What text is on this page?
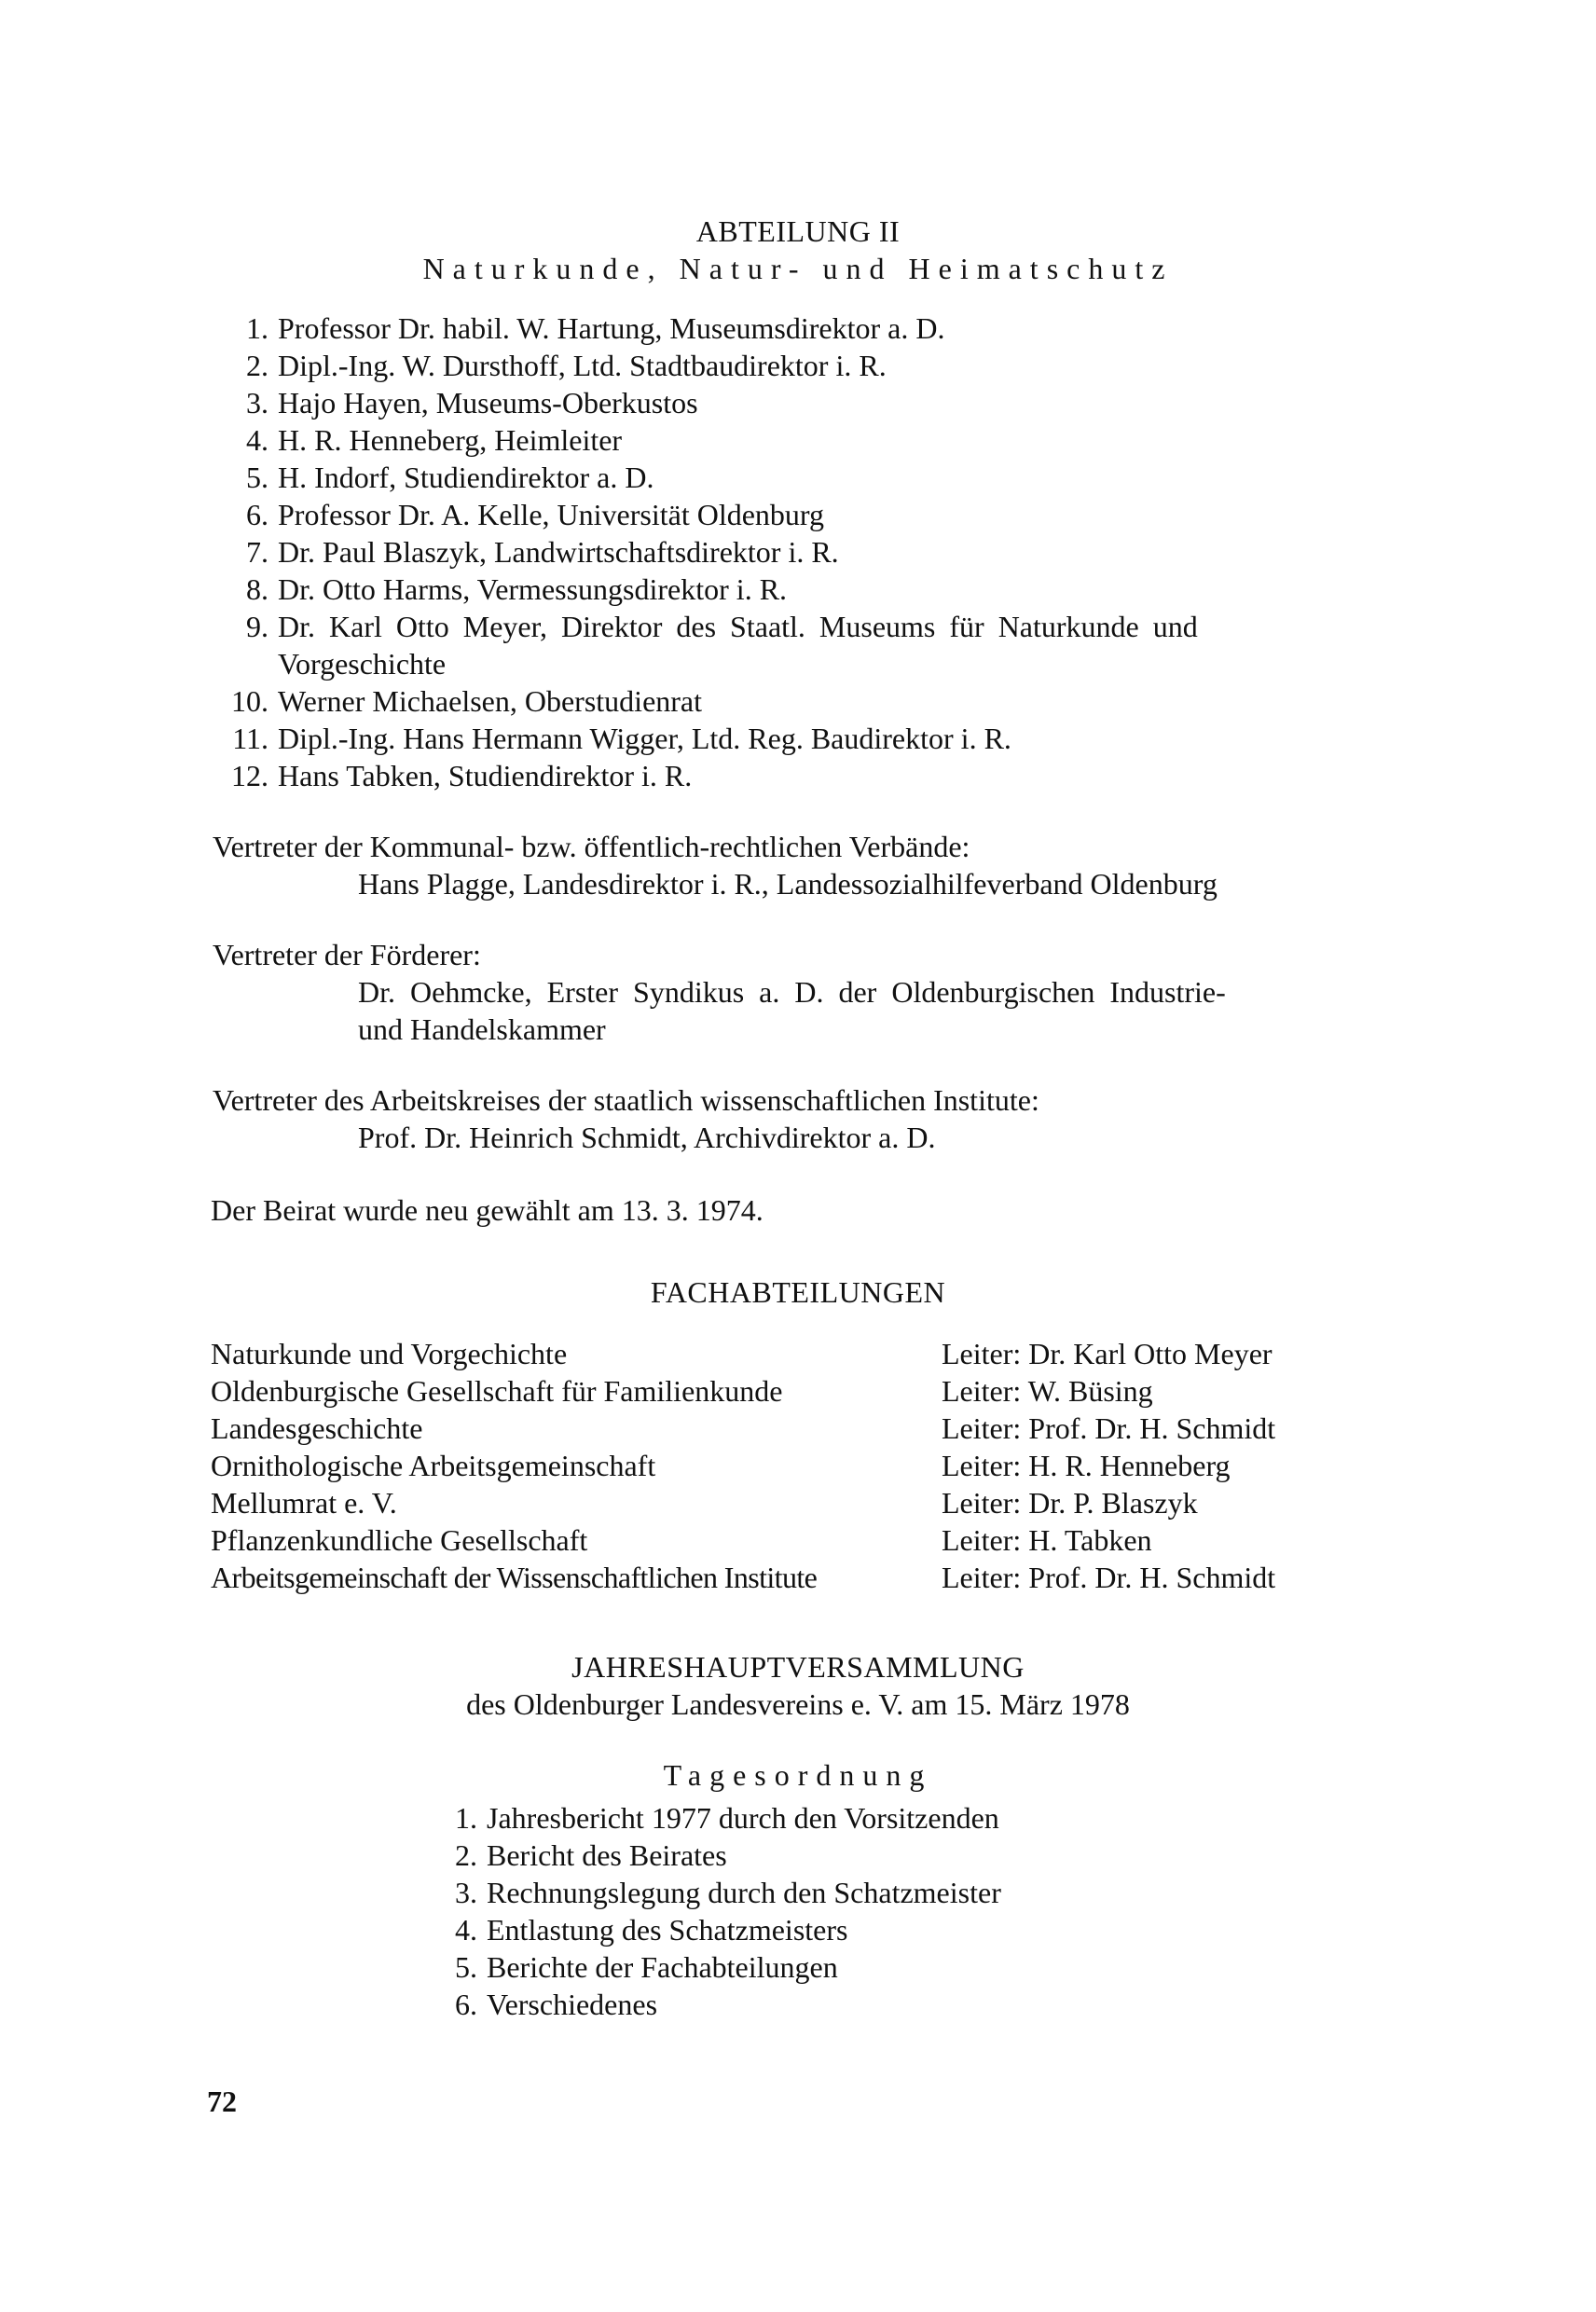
ABTEILUNG II
Naturkunde, Natur- und Heimatschutz
1. Professor Dr. habil. W. Hartung, Museumsdirektor a. D.
2. Dipl.-Ing. W. Dursthoff, Ltd. Stadtbaudirektor i. R.
3. Hajo Hayen, Museums-Oberkustos
4. H. R. Henneberg, Heimleiter
5. H. Indorf, Studiendirektor a. D.
6. Professor Dr. A. Kelle, Universität Oldenburg
7. Dr. Paul Blaszyk, Landwirtschaftsdirektor i. R.
8. Dr. Otto Harms, Vermessungsdirektor i. R.
9. Dr. Karl Otto Meyer, Direktor des Staatl. Museums für Naturkunde und
Vorgeschichte
10. Werner Michaelsen, Oberstudienrat
11. Dipl.-Ing. Hans Hermann Wigger, Ltd. Reg. Baudirektor i. R.
12. Hans Tabken, Studiendirektor i. R.
Vertreter der Kommunal- bzw. öffentlich-rechtlichen Verbände:
Hans Plagge, Landesdirektor i. R., Landessozialhilfeverband Oldenburg
Vertreter der Förderer:
Dr. Oehmcke, Erster Syndikus a. D. der Oldenburgischen Industrie-
und Handelskammer
Vertreter des Arbeitskreises der staatlich wissenschaftlichen Institute:
Prof. Dr. Heinrich Schmidt, Archivdirektor a. D.
Der Beirat wurde neu gewählt am 13. 3. 1974.
FACHABTEILUNGEN
Naturkunde und Vorgechichte	Leiter: Dr. Karl Otto Meyer
Oldenburgische Gesellschaft für Familienkunde	Leiter: W. Büsing
Landesgeschichte	Leiter: Prof. Dr. H. Schmidt
Ornithologische Arbeitsgemeinschaft	Leiter: H. R. Henneberg
Mellumrat e. V.	Leiter: Dr. P. Blaszyk
Pflanzenkundliche Gesellschaft	Leiter: H. Tabken
Arbeitsgemeinschaft der Wissenschaftlichen Institute	Leiter: Prof. Dr. H. Schmidt
JAHRESHAUPTVERSAMMLUNG
des Oldenburger Landesvereins e. V. am 15. März 1978
Tagesordnung
1. Jahresbericht 1977 durch den Vorsitzenden
2. Bericht des Beirates
3. Rechnungslegung durch den Schatzmeister
4. Entlastung des Schatzmeisters
5. Berichte der Fachabteilungen
6. Verschiedenes
72
